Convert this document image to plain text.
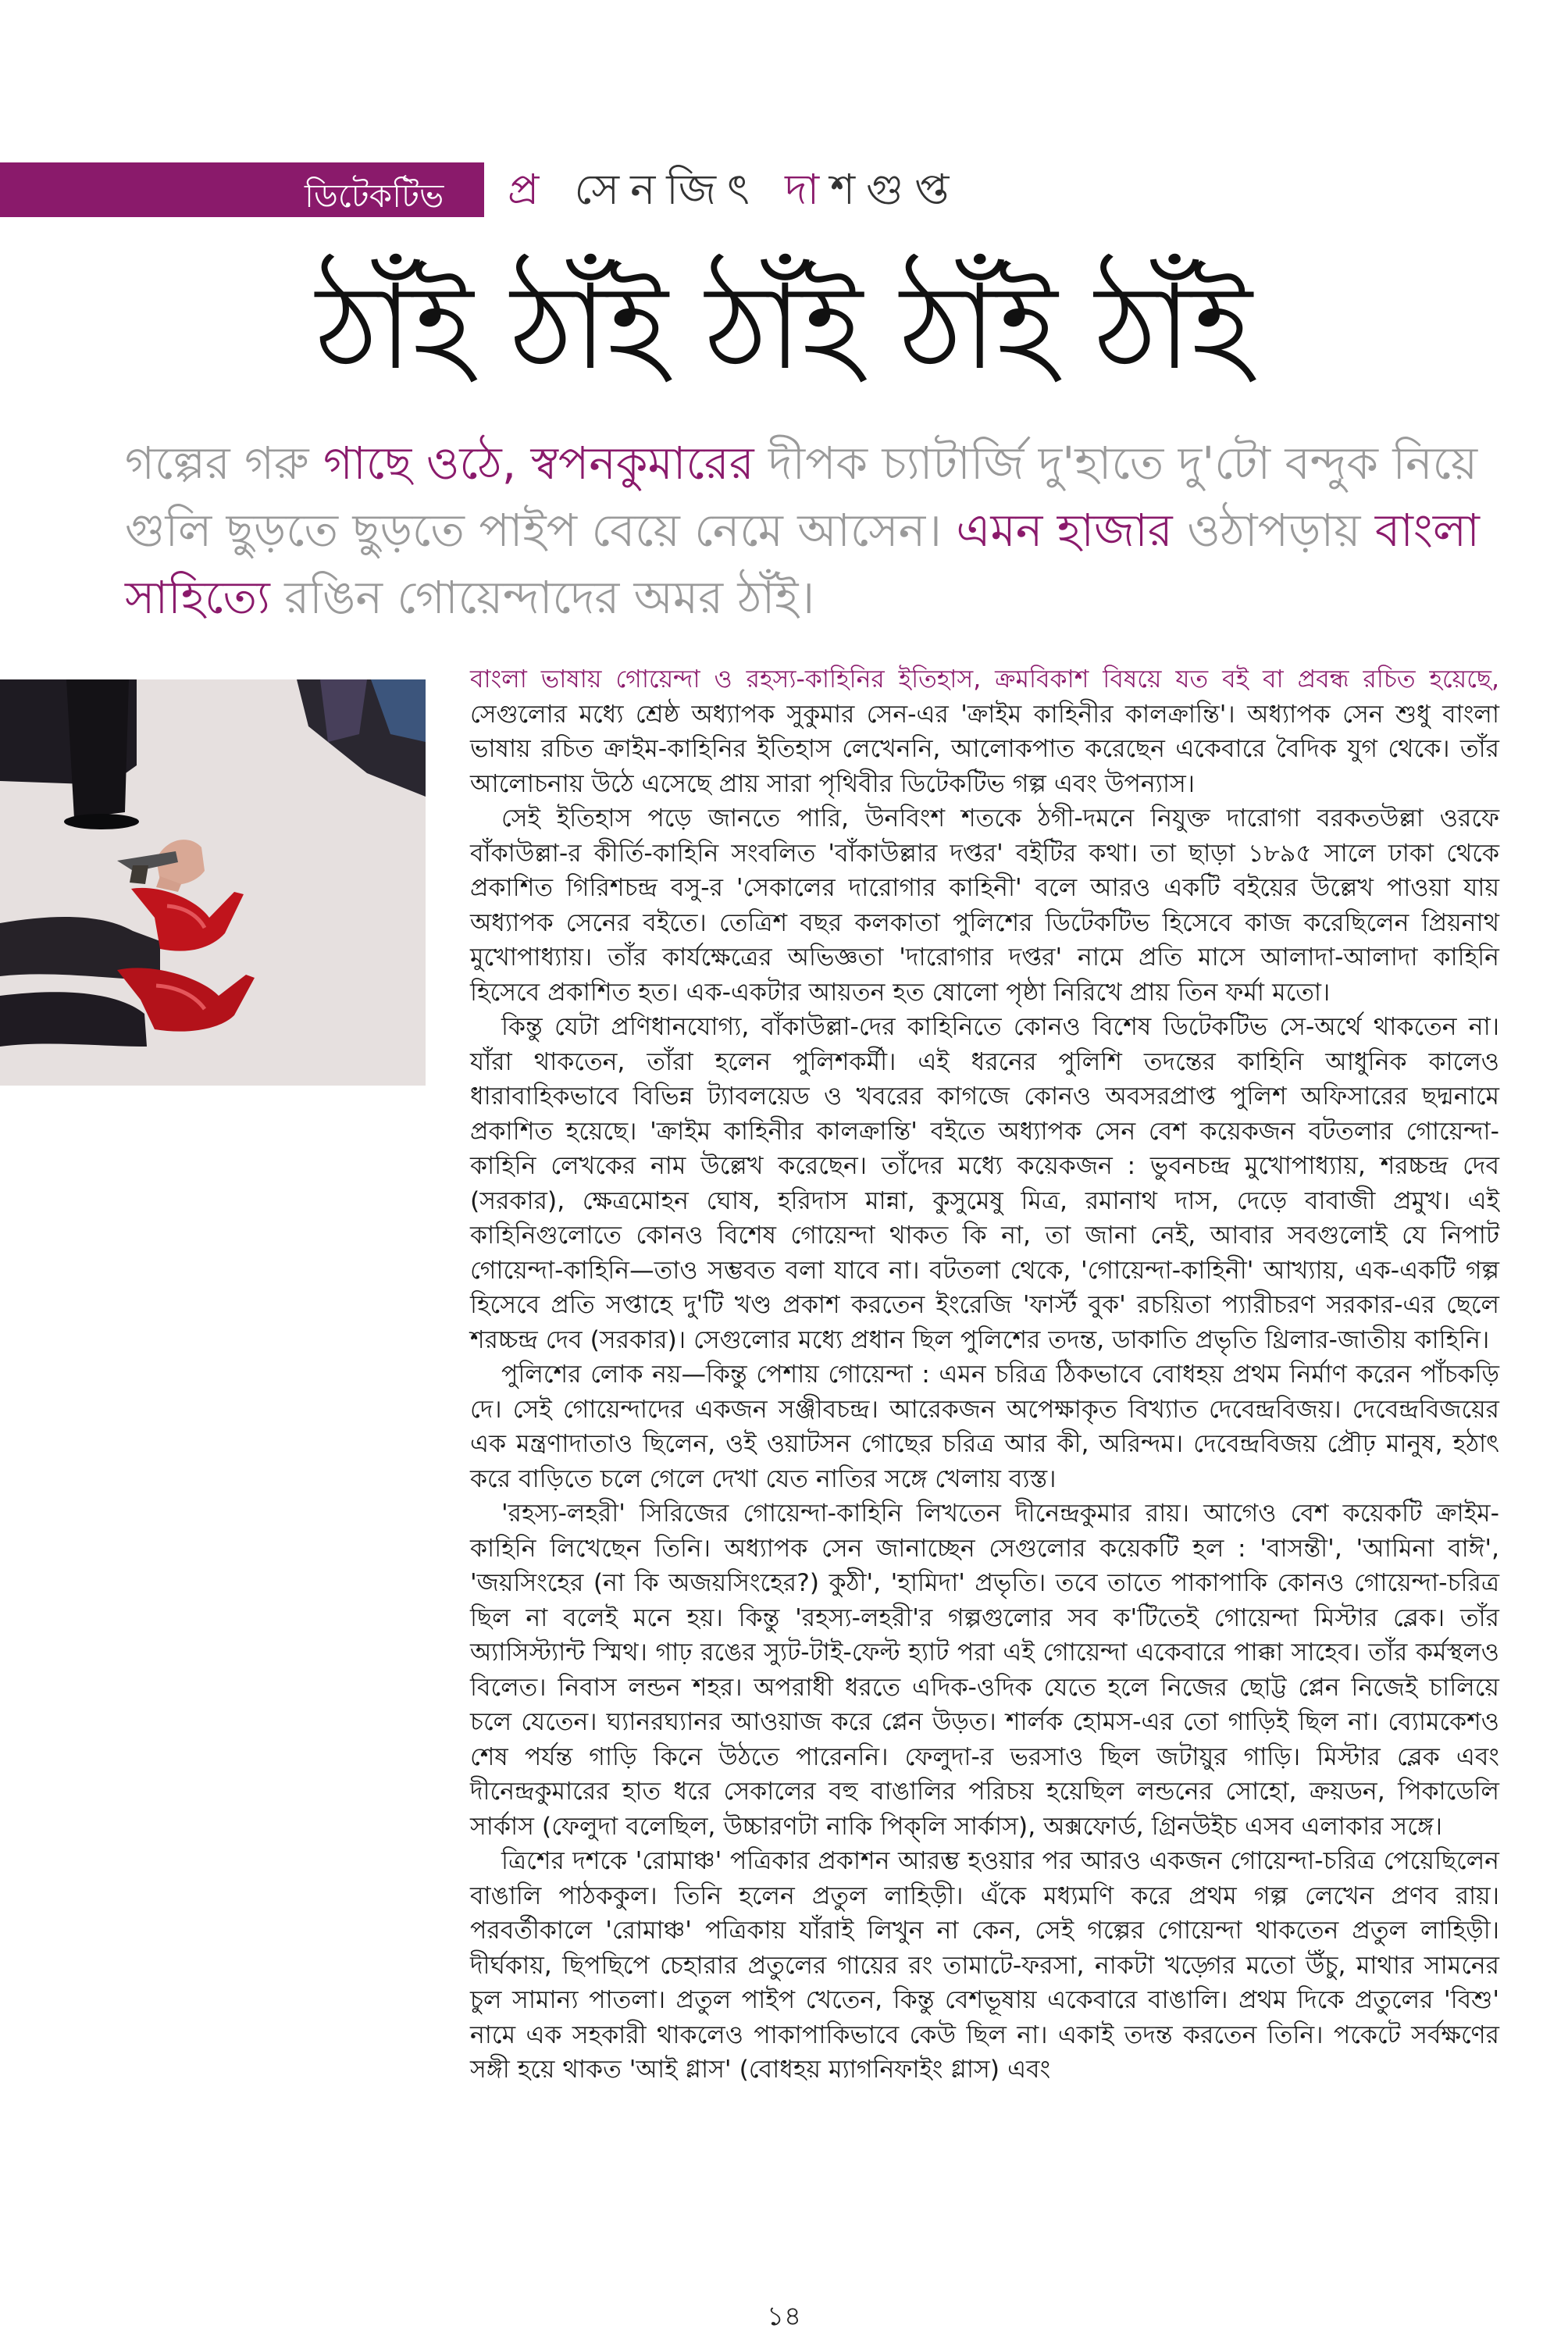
ডিটেকটিভ প্র সেনজিৎ দাশগুপ্ত
ঠাঁই ঠাঁই ঠাঁই ঠাঁই ঠাঁই
গল্পের গরু গাছে ওঠে, স্বপনকুমারের দীপক চ্যাটার্জি দু'হাতে দু'টো বন্দুক নিয়ে গুলি ছুড়তে ছুড়তে পাইপ বেয়ে নেমে আসেন। এমন হাজার ওঠাপড়ায় বাংলা সাহিত্যে রঙিন গোয়েন্দাদের অমর ঠাঁই।

বাংলা ভাষায় গোয়েন্দা ও রহস্য-কাহিনির ইতিহাস, ক্রমবিকাশ বিষয়ে যত বই বা প্রবন্ধ রচিত হয়েছে, সেগুলোর মধ্যে শ্রেষ্ঠ অধ্যাপক সুকুমার সেন-এর 'ক্রাইম কাহিনীর কালক্রান্তি'। অধ্যাপক সেন শুধু বাংলা ভাষায় রচিত ক্রাইম-কাহিনির ইতিহাস লেখেননি, আলোকপাত করেছেন একেবারে বৈদিক যুগ থেকে। তাঁর আলোচনায় উঠে এসেছে প্রায় সারা পৃথিবীর ডিটেকটিভ গল্প এবং উপন্যাস।

সেই ইতিহাস পড়ে জানতে পারি, উনবিংশ শতকে ঠগী-দমনে নিযুক্ত দারোগা বরকতউল্লা ওরফে বাঁকাউল্লা-র কীর্তি-কাহিনি সংবলিত 'বাঁকাউল্লার দপ্তর' বইটির কথা। তা ছাড়া ১৮৯৫ সালে ঢাকা থেকে প্রকাশিত গিরিশচন্দ্র বসু-র 'সেকালের দারোগার কাহিনী' বলে আরও একটি বইয়ের উল্লেখ পাওয়া যায় অধ্যাপক সেনের বইতে। তেত্রিশ বছর কলকাতা পুলিশের ডিটেকটিভ হিসেবে কাজ করেছিলেন প্রিয়নাথ মুখোপাধ্যায়। তাঁর কার্যক্ষেত্রের অভিজ্ঞতা 'দারোগার দপ্তর' নামে প্রতি মাসে আলাদা-আলাদা কাহিনি হিসেবে প্রকাশিত হত। এক-একটার আয়তন হত ষোলো পৃষ্ঠা নিরিখে প্রায় তিন ফর্মা মতো।

কিন্তু যেটা প্রণিধানযোগ্য, বাঁকাউল্লা-দের কাহিনিতে কোনও বিশেষ ডিটেকটিভ সে-অর্থে থাকতেন না। যাঁরা থাকতেন, তাঁরা হলেন পুলিশকর্মী। এই ধরনের পুলিশি তদন্তের কাহিনি আধুনিক কালেও ধারাবাহিকভাবে বিভিন্ন ট্যাবলয়েড ও খবরের কাগজে কোনও অবসরপ্রাপ্ত পুলিশ অফিসারের ছদ্মনামে প্রকাশিত হয়েছে। 'ক্রাইম কাহিনীর কালক্রান্তি' বইতে অধ্যাপক সেন বেশ কয়েকজন বটতলার গোয়েন্দা-কাহিনি লেখকের নাম উল্লেখ করেছেন। তাঁদের মধ্যে কয়েকজন : ভুবনচন্দ্র মুখোপাধ্যায়, শরচ্চন্দ্র দেব (সরকার), ক্ষেত্রমোহন ঘোষ, হরিদাস মান্না, কুসুমেষু মিত্র, রমানাথ দাস, দেড়ে বাবাজী প্রমুখ। এই কাহিনিগুলোতে কোনও বিশেষ গোয়েন্দা থাকত কি না, তা জানা নেই, আবার সবগুলোই যে নিপাট গোয়েন্দা-কাহিনি—তাও সম্ভবত বলা যাবে না। বটতলা থেকে, 'গোয়েন্দা-কাহিনী' আখ্যায়, এক-একটি গল্প হিসেবে প্রতি সপ্তাহে দু'টি খণ্ড প্রকাশ করতেন ইংরেজি 'ফার্স্ট বুক' রচয়িতা প্যারীচরণ সরকার-এর ছেলে শরচ্চন্দ্র দেব (সরকার)। সেগুলোর মধ্যে প্রধান ছিল পুলিশের তদন্ত, ডাকাতি প্রভৃতি থ্রিলার-জাতীয় কাহিনি।

পুলিশের লোক নয়—কিন্তু পেশায় গোয়েন্দা : এমন চরিত্র ঠিকভাবে বোধহয় প্রথম নির্মাণ করেন পাঁচকড়ি দে। সেই গোয়েন্দাদের একজন সঞ্জীবচন্দ্র। আরেকজন অপেক্ষাকৃত বিখ্যাত দেবেন্দ্রবিজয়। দেবেন্দ্রবিজয়ের এক মন্ত্রণাদাতাও ছিলেন, ওই ওয়াটসন গোছের চরিত্র আর কী, অরিন্দম। দেবেন্দ্রবিজয় প্রৌঢ় মানুষ, হঠাৎ করে বাড়িতে চলে গেলে দেখা যেত নাতির সঙ্গে খেলায় ব্যস্ত।

'রহস্য-লহরী' সিরিজের গোয়েন্দা-কাহিনি লিখতেন দীনেন্দ্রকুমার রায়। আগেও বেশ কয়েকটি ক্রাইম-কাহিনি লিখেছেন তিনি। অধ্যাপক সেন জানাচ্ছেন সেগুলোর কয়েকটি হল : 'বাসন্তী', 'আমিনা বাঈ', 'জয়সিংহের (না কি অজয়সিংহের?) কুঠী', 'হামিদা' প্রভৃতি। তবে তাতে পাকাপাকি কোনও গোয়েন্দা-চরিত্র ছিল না বলেই মনে হয়। কিন্তু 'রহস্য-লহরী'র গল্পগুলোর সব ক'টিতেই গোয়েন্দা মিস্টার ব্লেক। তাঁর অ্যাসিস্ট্যান্ট স্মিথ। গাঢ় রঙের স্যুট-টাই-ফেল্ট হ্যাট পরা এই গোয়েন্দা একেবারে পাক্কা সাহেব। তাঁর কর্মস্থলও বিলেত। নিবাস লন্ডন শহর। অপরাধী ধরতে এদিক-ওদিক যেতে হলে নিজের ছোট্ট প্লেন নিজেই চালিয়ে চলে যেতেন। ঘ্যানরঘ্যানর আওয়াজ করে প্লেন উড়ত। শার্লক হোমস-এর তো গাড়িই ছিল না। ব্যোমকেশও শেষ পর্যন্ত গাড়ি কিনে উঠতে পারেননি। ফেলুদা-র ভরসাও ছিল জটায়ুর গাড়ি। মিস্টার ব্লেক এবং দীনেন্দ্রকুমারের হাত ধরে সেকালের বহু বাঙালির পরিচয় হয়েছিল লন্ডনের সোহো, ক্রয়ডন, পিকাডেলি সার্কাস (ফেলুদা বলেছিল, উচ্চারণটা নাকি পিক্‌লি সার্কাস), অক্সফোর্ড, গ্রিনউইচ এসব এলাকার সঙ্গে।

ত্রিশের দশকে 'রোমাঞ্চ' পত্রিকার প্রকাশন আরম্ভ হওয়ার পর আরও একজন গোয়েন্দা-চরিত্র পেয়েছিলেন বাঙালি পাঠককুল। তিনি হলেন প্রতুল লাহিড়ী। এঁকে মধ্যমণি করে প্রথম গল্প লেখেন প্রণব রায়। পরবর্তীকালে 'রোমাঞ্চ' পত্রিকায় যাঁরাই লিখুন না কেন, সেই গল্পের গোয়েন্দা থাকতেন প্রতুল লাহিড়ী। দীর্ঘকায়, ছিপছিপে চেহারার প্রতুলের গায়ের রং তামাটে-ফরসা, নাকটা খড়্গের মতো উঁচু, মাথার সামনের চুল সামান্য পাতলা। প্রতুল পাইপ খেতেন, কিন্তু বেশভূষায় একেবারে বাঙালি। প্রথম দিকে প্রতুলের 'বিশু' নামে এক সহকারী থাকলেও পাকাপাকিভাবে কেউ ছিল না। একাই তদন্ত করতেন তিনি। পকেটে সর্বক্ষণের সঙ্গী হয়ে থাকত 'আই গ্লাস' (বোধহয় ম্যাগনিফাইং গ্লাস) এবং

১৪
